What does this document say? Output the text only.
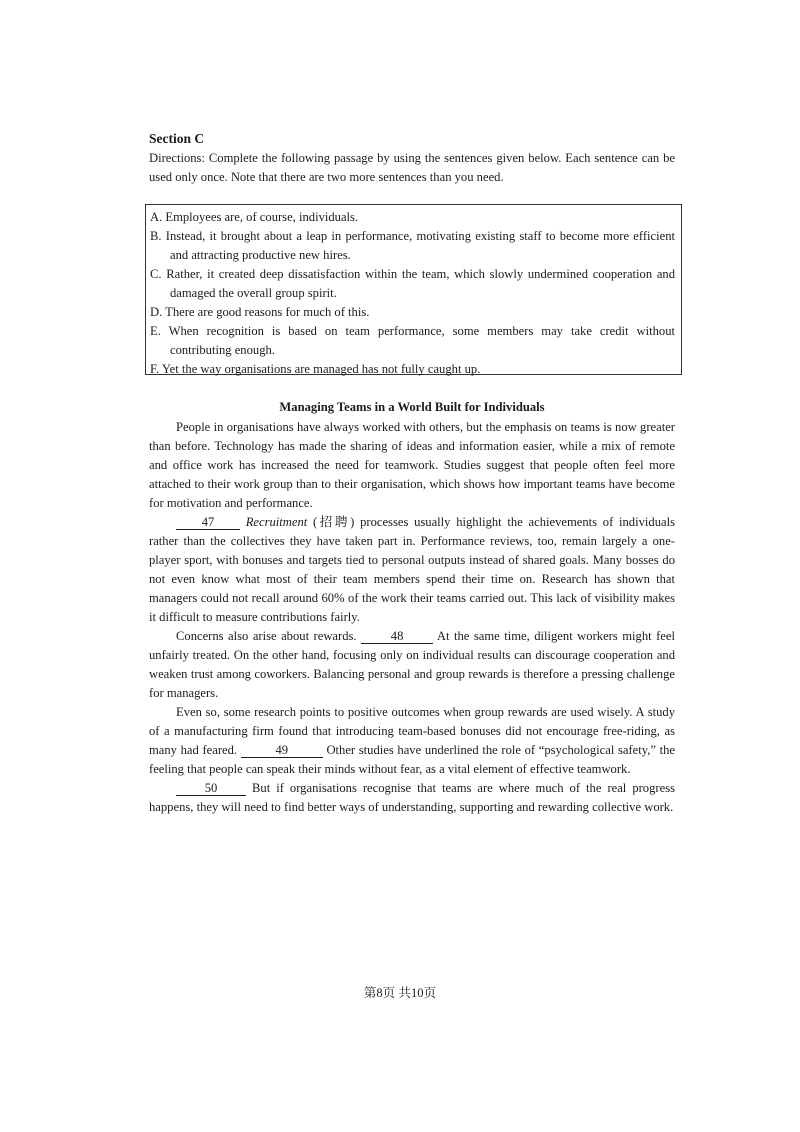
Section C
Directions: Complete the following passage by using the sentences given below. Each sentence can be used only once. Note that there are two more sentences than you need.
A. Employees are, of course, individuals.
B. Instead, it brought about a leap in performance, motivating existing staff to become more efficient and attracting productive new hires.
C. Rather, it created deep dissatisfaction within the team, which slowly undermined cooperation and damaged the overall group spirit.
D. There are good reasons for much of this.
E. When recognition is based on team performance, some members may take credit without contributing enough.
F. Yet the way organisations are managed has not fully caught up.
Managing Teams in a World Built for Individuals

People in organisations have always worked with others, but the emphasis on teams is now greater than before. Technology has made the sharing of ideas and information easier, while a mix of remote and office work has increased the need for teamwork. Studies suggest that people often feel more attached to their work group than to their organisation, which shows how important teams have become for motivation and performance.

47 Recruitment (招聘) processes usually highlight the achievements of individuals rather than the collectives they have taken part in. Performance reviews, too, remain largely a one-player sport, with bonuses and targets tied to personal outputs instead of shared goals. Many bosses do not even know what most of their team members spend their time on. Research has shown that managers could not recall around 60% of the work their teams carried out. This lack of visibility makes it difficult to measure contributions fairly.

Concerns also arise about rewards.	48	At the same time, diligent workers might feel unfairly treated. On the other hand, focusing only on individual results can discourage cooperation and weaken trust among coworkers. Balancing personal and group rewards is therefore a pressing challenge for managers.

Even so, some research points to positive outcomes when group rewards are used wisely. A study of a manufacturing firm found that introducing team-based bonuses did not encourage free-riding, as many had feared.	49	Other studies have underlined the role of “psychological safety,” the feeling that people can speak their minds without fear, as a vital element of effective teamwork.

50	But if organisations recognise that teams are where much of the real progress happens, they will need to find better ways of understanding, supporting and rewarding collective work.

第8页 共10页
